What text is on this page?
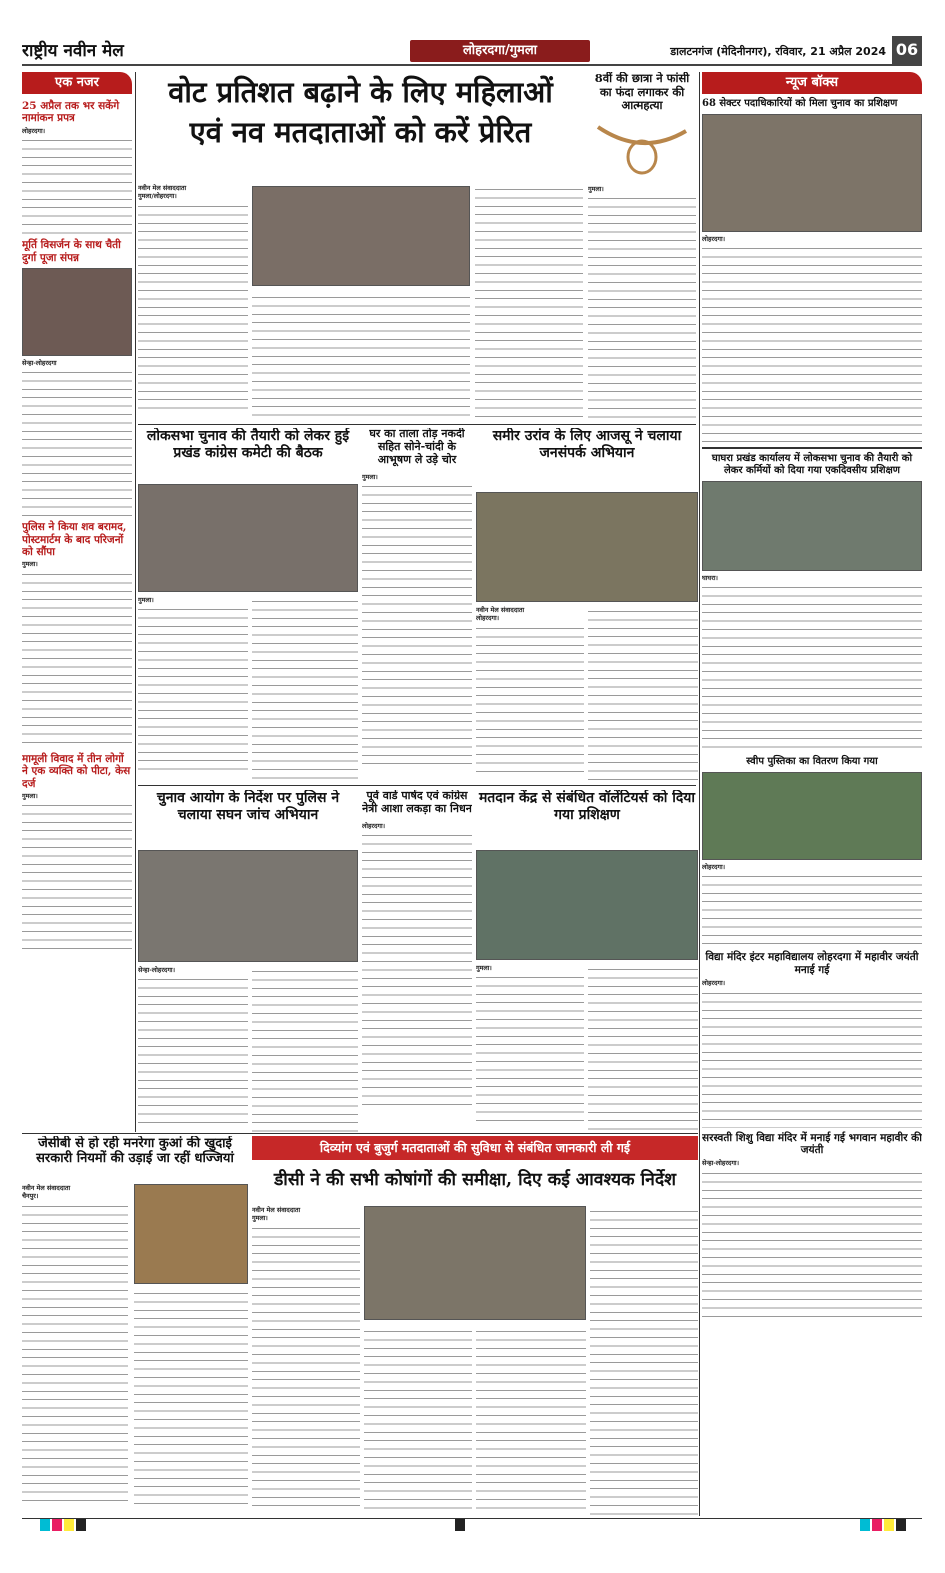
राष्ट्रीय नवीन मेल	लोहरदगा/गुमला	डालटनगंज (मेदिनीनगर), रविवार, 21 अप्रैल 2024 06
एक नजर
25 अप्रैल तक भर सकेंगे नामांकन प्रपत्र
लोहरदगा।
मूर्ति विसर्जन के साथ चैती दुर्गा पूजा संपन्न
सेन्हा-लोहरदगा
पुलिस ने किया शव बरामद, पोस्टमार्टम के बाद परिजनों को सौंपा
गुमला।
मामूली विवाद में तीन लोगों ने एक व्यक्ति को पीटा, केस दर्ज
गुमला।
वोट प्रतिशत बढ़ाने के लिए महिलाओं
एवं नव मतदाताओं को करें प्रेरित
नवीन मेल संवाददाता
गुमला/लोहरदगा।
8वीं की छात्रा ने फांसी का फंदा लगाकर की आत्महत्या
गुमला।
न्यूज बॉक्स
68 सेक्टर पदाधिकारियों को मिला चुनाव का प्रशिक्षण
लोहरदगा।
घाघरा प्रखंड कार्यालय में लोकसभा चुनाव की तैयारी को लेकर कर्मियों को दिया गया एकदिवसीय प्रशिक्षण
घाघरा।
स्वीप पुस्तिका का वितरण किया गया
लोहरदगा।
विद्या मंदिर इंटर महाविद्यालय लोहरदगा में महावीर जयंती मनाई गई
लोहरदगा।
सरस्वती शिशु विद्या मंदिर में मनाई गई भगवान महावीर की जयंती
सेन्हा-लोहरदगा।
लोकसभा चुनाव की तैयारी को लेकर हुई प्रखंड कांग्रेस कमेटी की बैठक
गुमला।
घर का ताला तोड़ नकदी सहित सोने-चांदी के आभूषण ले उड़े चोर
गुमला।
समीर उरांव के लिए आजसू ने चलाया जनसंपर्क अभियान
नवीन मेल संवाददाता
लोहरदगा।
चुनाव आयोग के निर्देश पर पुलिस ने चलाया सघन जांच अभियान
सेन्हा-लोहरदगा।
पूर्व वार्ड पार्षद एवं कांग्रेस नेत्री आशा लकड़ा का निधन
लोहरदगा।
मतदान केंद्र से संबंधित वॉलेंटियर्स को दिया गया प्रशिक्षण
गुमला।
जेसीबी से हो रही मनरेगा कुआं की खुदाई सरकारी नियमों की उड़ाई जा रहीं धज्जियां
नवीन मेल संवाददाता
चैनपुर।
दिव्यांग एवं बुजुर्ग मतदाताओं की सुविधा से संबंधित जानकारी ली गई
डीसी ने की सभी कोषांगों की समीक्षा, दिए कई आवश्यक निर्देश
नवीन मेल संवाददाता
गुमला।
